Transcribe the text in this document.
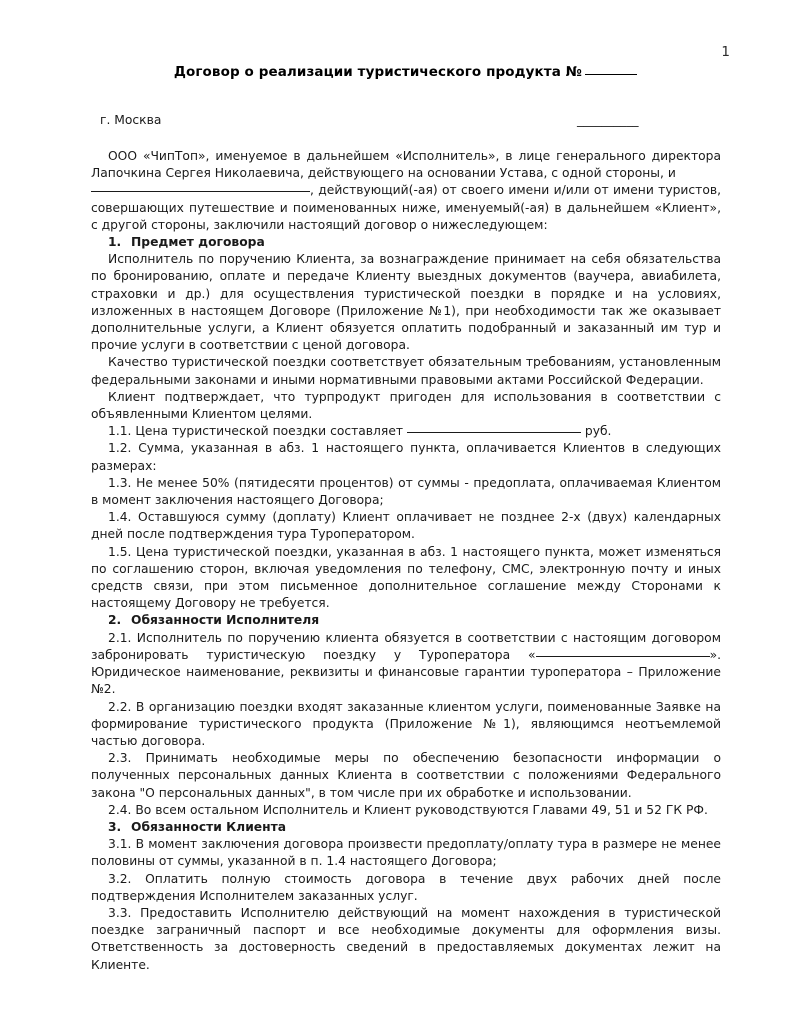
1
Договор о реализации туристического продукта №
г. Москва	__________

ООО «ЧипТоп», именуемое в дальнейшем «Исполнитель», в лице генерального директора Лапочкина Сергея Николаевича, действующего на основании Устава, с одной стороны, и

, действующий(-ая) от своего имени и/или от имени туристов, совершающих путешествие и поименованных ниже, именуемый(-ая) в дальнейшем «Клиент», с другой стороны, заключили настоящий договор о нижеследующем:

1. Предмет договора

Исполнитель по поручению Клиента, за вознаграждение принимает на себя обязательства по бронированию, оплате и передаче Клиенту выездных документов (ваучера, авиабилета, страховки и др.) для осуществления туристической поездки в порядке и на условиях, изложенных в настоящем Договоре (Приложение №1), при необходимости так же оказывает дополнительные услуги, а Клиент обязуется оплатить подобранный и заказанный им тур и прочие услуги в соответствии с ценой договора.

Качество туристической поездки соответствует обязательным требованиям, установленным федеральными законами и иными нормативными правовыми актами Российской Федерации.

Клиент подтверждает, что турпродукт пригоден для использования в соответствии с объявленными Клиентом целями.

1.1. Цена туристической поездки составляет	руб.

1.2. Сумма, указанная в абз. 1 настоящего пункта, оплачивается Клиентов в следующих размерах:

1.3. Не менее 50% (пятидесяти процентов) от суммы - предоплата, оплачиваемая Клиентом в момент заключения настоящего Договора;

1.4. Оставшуюся сумму (доплату) Клиент оплачивает не позднее 2-х (двух) календарных дней после подтверждения тура Туроператором.

1.5. Цена туристической поездки, указанная в абз. 1 настоящего пункта, может изменяться по соглашению сторон, включая уведомления по телефону, СМС, электронную почту и иных средств связи, при этом письменное дополнительное соглашение между Сторонами к настоящему Договору не требуется.

2. Обязанности Исполнителя

2.1. Исполнитель по поручению клиента обязуется в соответствии с настоящим договором забронировать туристическую поездку у Туроператора «	». Юридическое наименование, реквизиты и финансовые гарантии туроператора – Приложение №2.

2.2. В организацию поездки входят заказанные клиентом услуги, поименованные Заявке на формирование туристического продукта (Приложение №1), являющимся неотъемлемой частью договора.

2.3. Принимать необходимые меры по обеспечению безопасности информации о полученных персональных данных Клиента в соответствии с положениями Федерального закона "О персональных данных", в том числе при их обработке и использовании.

2.4. Во всем остальном Исполнитель и Клиент руководствуются Главами 49, 51 и 52 ГК РФ.

3. Обязанности Клиента

3.1. В момент заключения договора произвести предоплату/оплату тура в размере не менее половины от суммы, указанной в п. 1.4 настоящего Договора;

3.2. Оплатить полную стоимость договора в течение двух рабочих дней после подтверждения Исполнителем заказанных услуг.

3.3. Предоставить Исполнителю действующий на момент нахождения в туристической поездке заграничный паспорт и все необходимые документы для оформления визы. Ответственность за достоверность сведений в предоставляемых документах лежит на Клиенте.
